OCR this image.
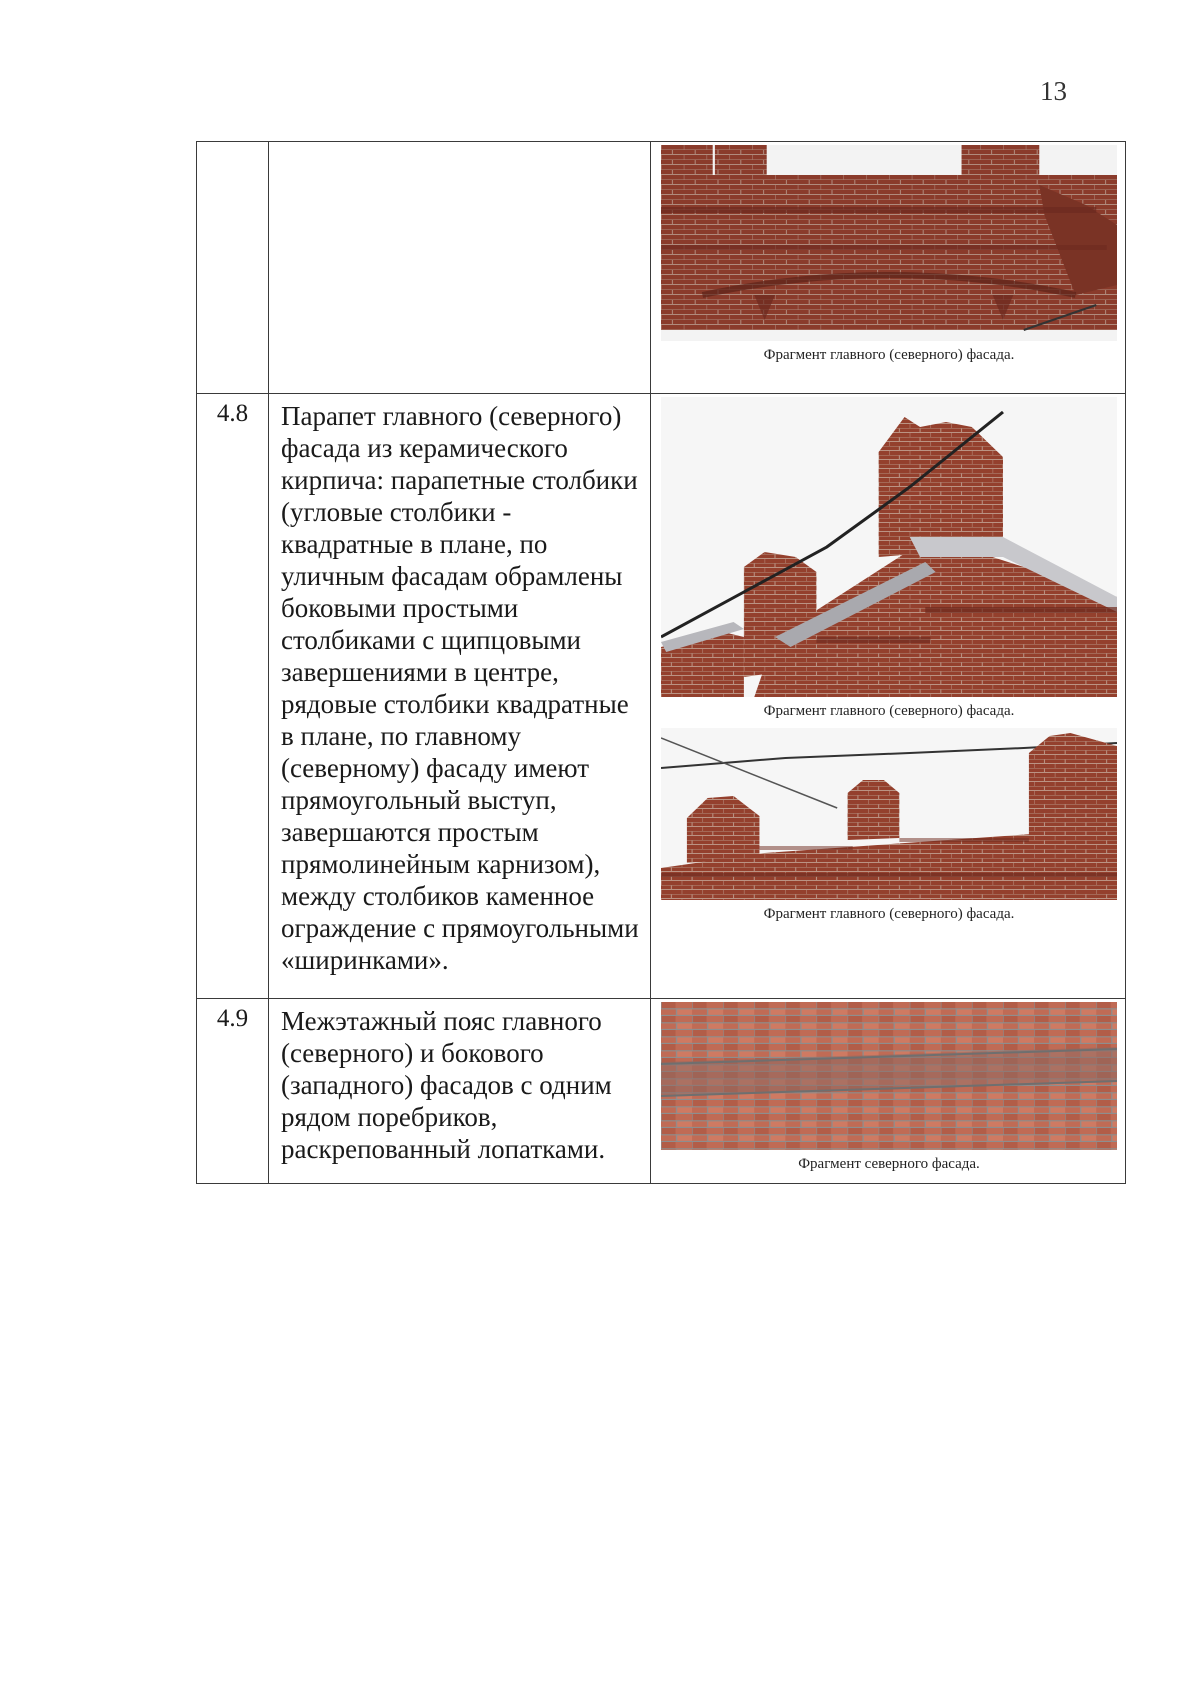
13

		Фрагмент главного (северного) фасада.

4.8	Парапет главного (северного) фасада из керамического кирпича: парапетные столбики (угловые столбики - квадратные в плане, по уличным фасадам обрамлены боковыми простыми столбиками с щипцовыми завершениями в центре, рядовые столбики квадратные в плане, по главному (северному) фасаду имеют прямоугольный выступ, завершаются простым прямолинейным карнизом), между столбиков каменное ограждение с прямоугольными «ширинками».	Фрагмент главного (северного) фасада.
Фрагмент главного (северного) фасада.

4.9	Межэтажный пояс главного (северного) и бокового (западного) фасадов с одним рядом поребриков, раскрепованный лопатками.	Фрагмент северного фасада.
